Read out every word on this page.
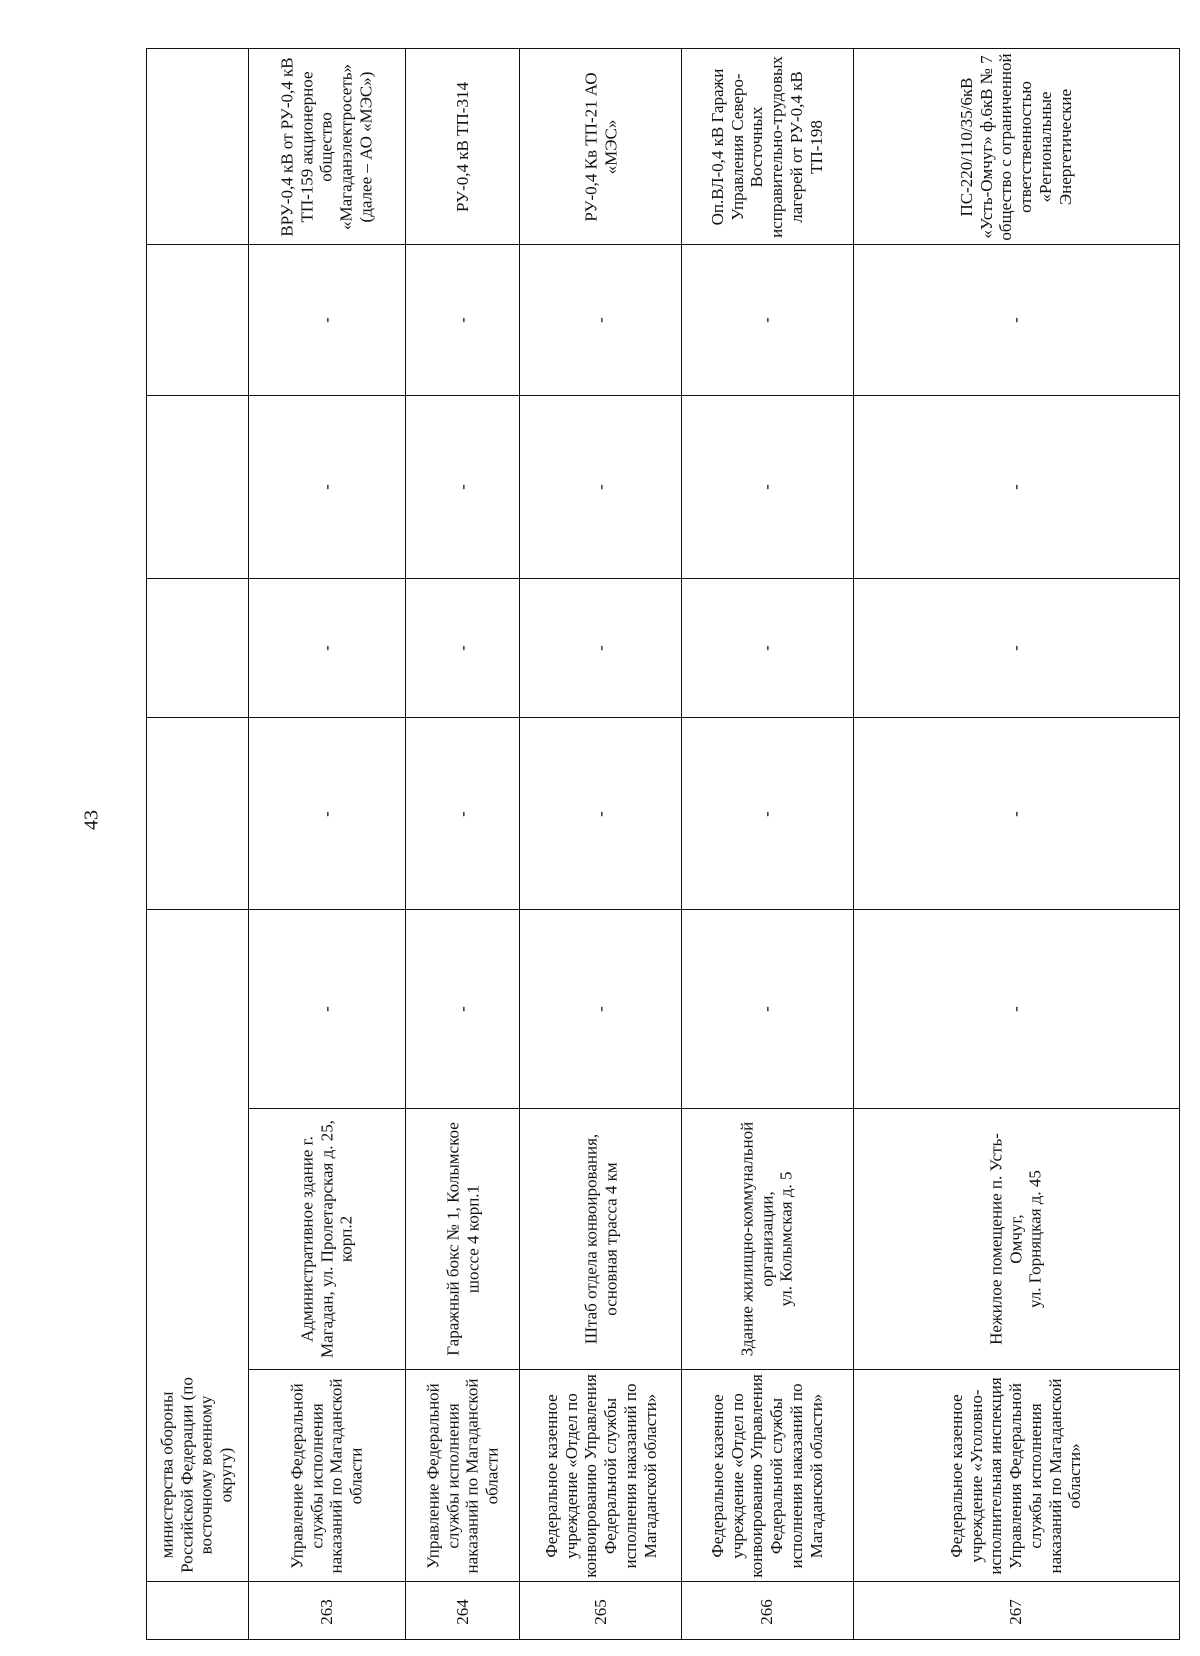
43
министерства обороны Российской Федерации (по восточному военному округу)
ВРУ-0,4 кВ от РУ-0,4 кВ ТП-159 акционерное общество «Магаданэлектросеть» (далее – АО «МЭС»)
-
-
-
-
-
Административное здание г. Магадан, ул. Пролетарская д. 25, корп.2
Управление Федеральной службы исполнения наказаний по Магаданской области
263
РУ-0,4 кВ ТП-314
-
-
-
-
-
Гаражный бокс № 1, Колымское шоссе 4 корп.1
Управление Федеральной службы исполнения наказаний по Магаданской области
264
РУ-0,4 Кв ТП-21 АО «МЭС»
-
-
-
-
-
Штаб отдела конвоирования, основная трасса 4 км
Федеральное казенное учреждение «Отдел по конвоированию Управления Федеральной службы исполнения наказаний по Магаданской области»
265
Оп.ВЛ-0,4 кВ Гаражи Управления Северо-Восточных исправительно-трудовых лагерей от РУ-0,4 кВ ТП-198
-
-
-
-
-
Здание жилищно-коммунальной организации,
ул. Колымская д. 5
Федеральное казенное учреждение «Отдел по конвоированию Управления Федеральной службы исполнения наказаний по Магаданской области»
266
ПС-220/110/35/6кВ «Усть-Омчуг» ф.6кВ № 7 общество с ограниченной ответственностью «Региональные Энергетические
-
-
-
-
-
Нежилое помещение п. Усть-Омчуг,
ул. Горняцкая д. 45
Федеральное казенное учреждение «Уголовно-исполнительная инспекция Управления Федеральной службы исполнения наказаний по Магаданской области»
267
